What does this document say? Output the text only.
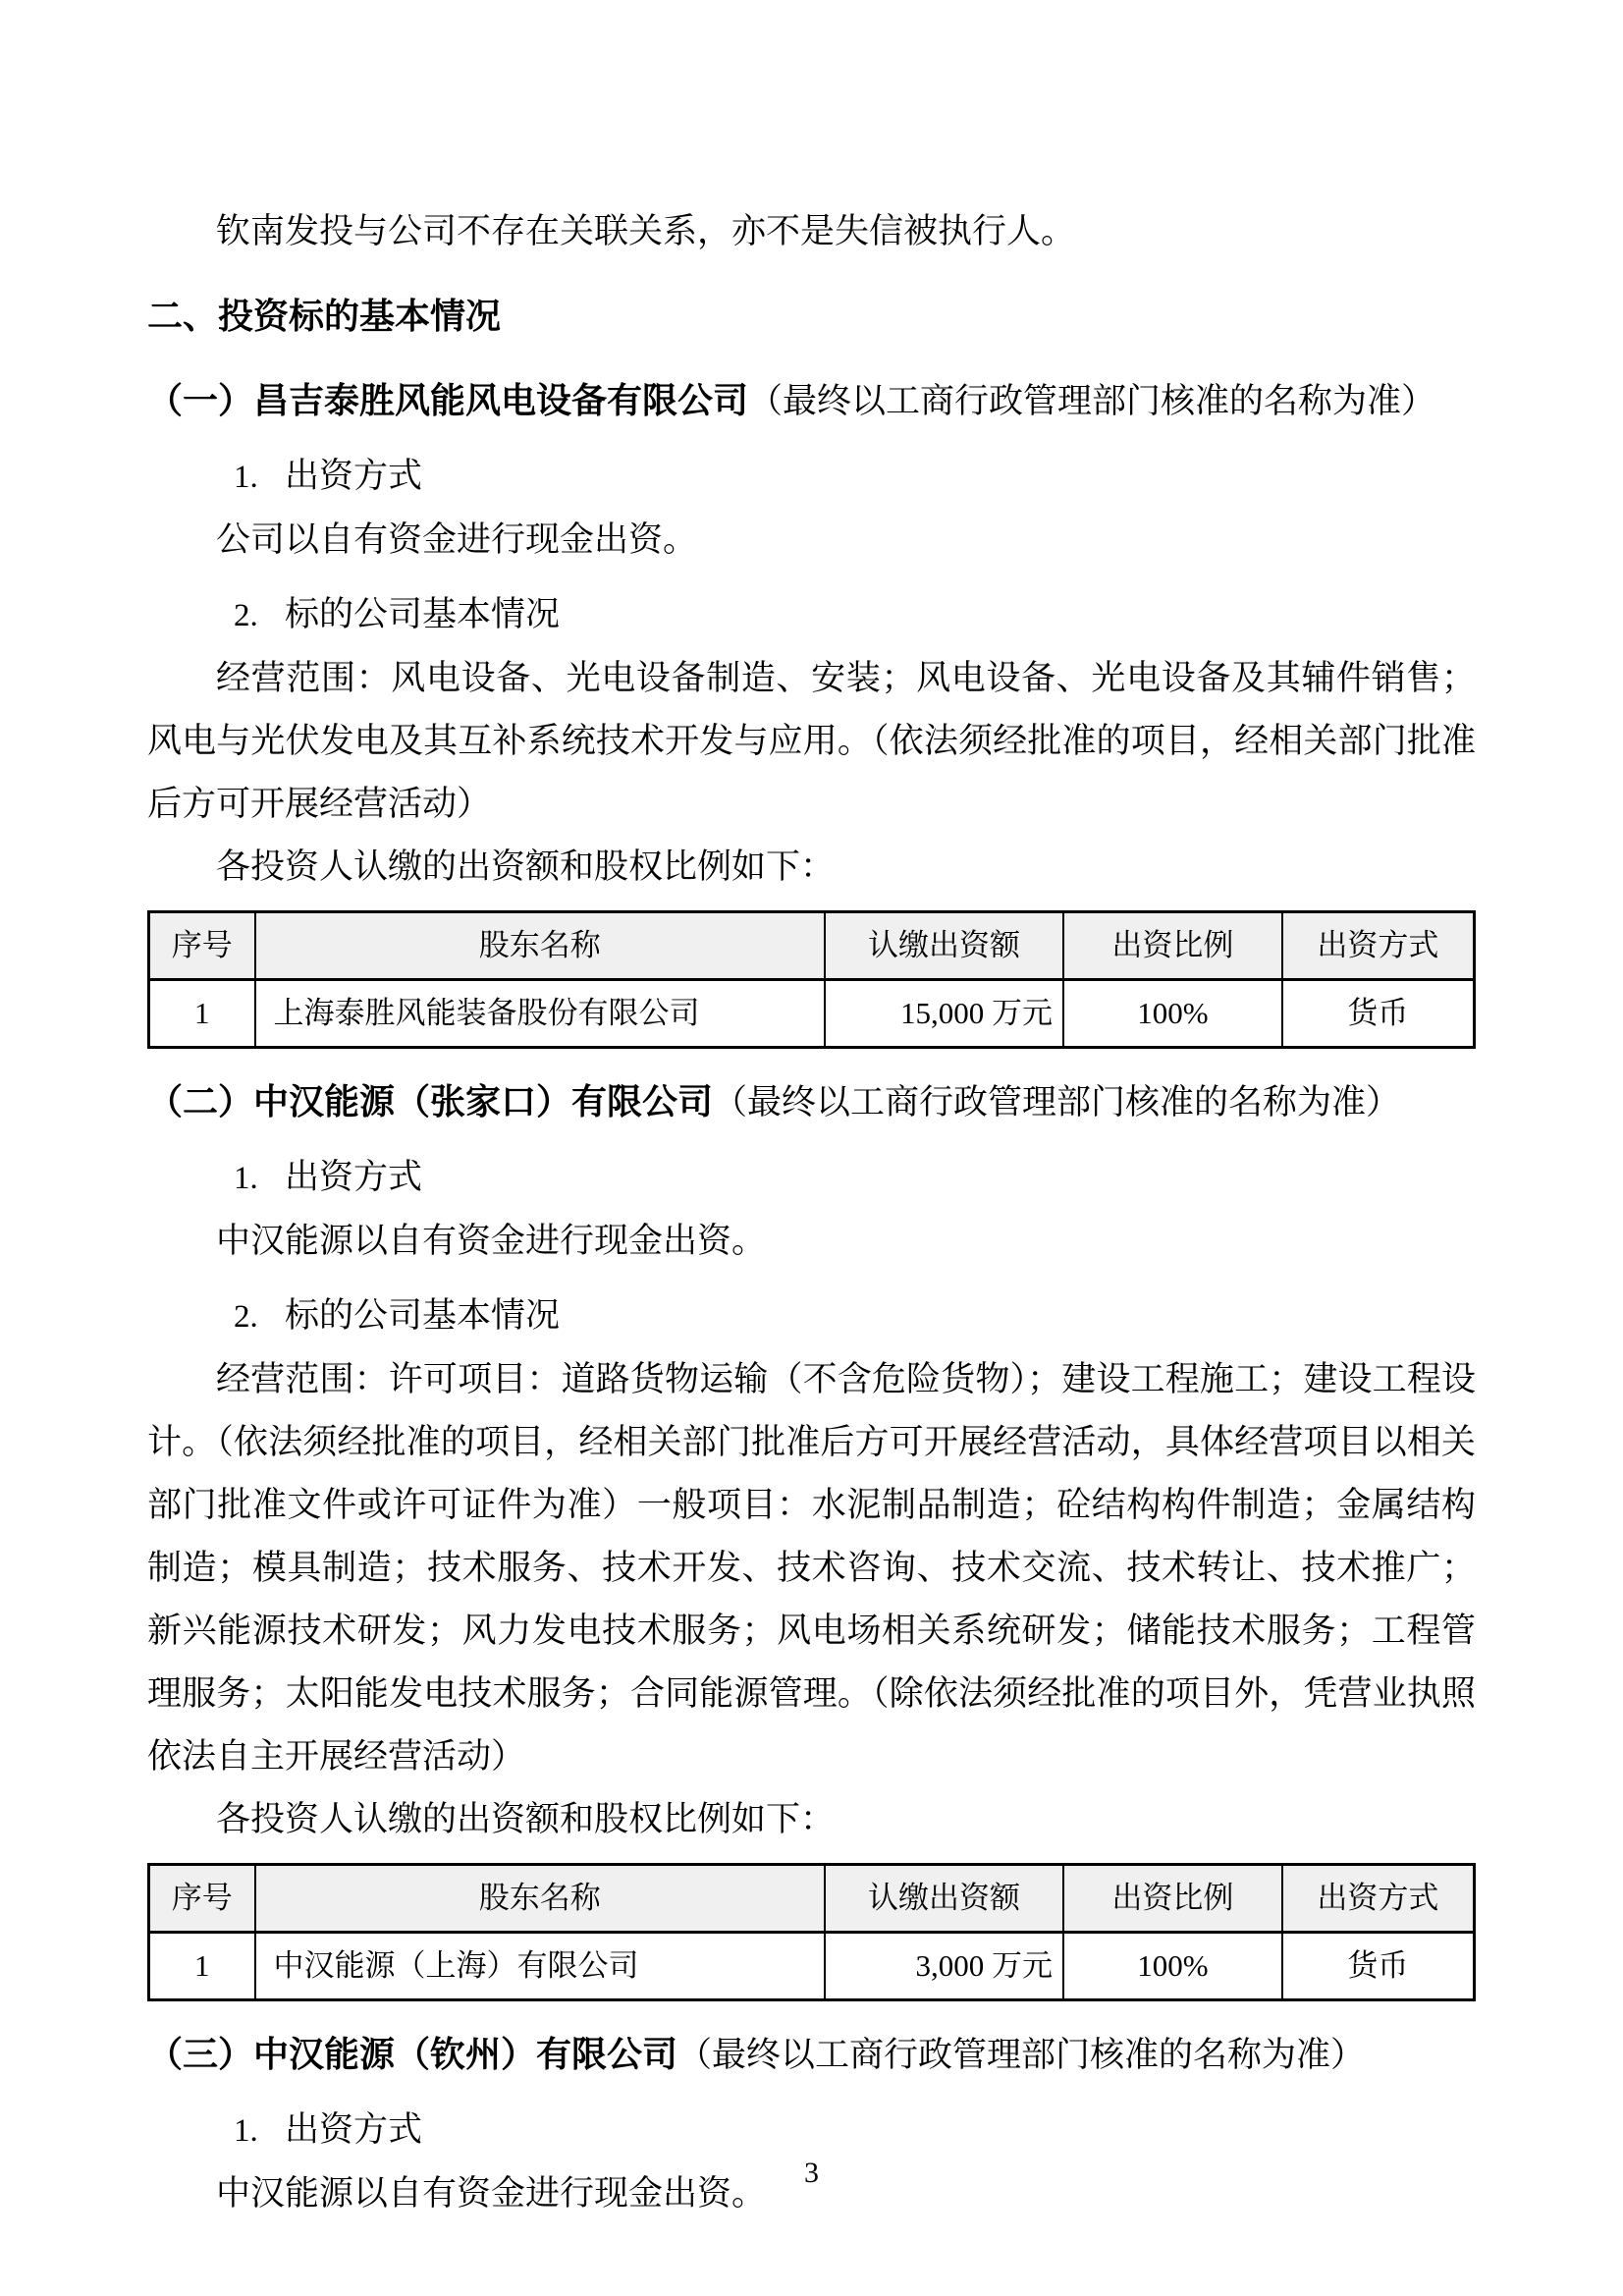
钦南发投与公司不存在关联关系，亦不是失信被执行人。

二、投资标的基本情况

（一）昌吉泰胜风能风电设备有限公司（最终以工商行政管理部门核准的名称为准）

1. 出资方式

公司以自有资金进行现金出资。

2. 标的公司基本情况

经营范围：风电设备、光电设备制造、安装；风电设备、光电设备及其辅件销售；风电与光伏发电及其互补系统技术开发与应用。（依法须经批准的项目，经相关部门批准后方可开展经营活动）

各投资人认缴的出资额和股权比例如下：

序号	股东名称	认缴出资额	出资比例	出资方式
1	上海泰胜风能装备股份有限公司	15,000 万元	100%	货币

（二）中汉能源（张家口）有限公司（最终以工商行政管理部门核准的名称为准）

1. 出资方式

中汉能源以自有资金进行现金出资。

2. 标的公司基本情况

经营范围：许可项目：道路货物运输（不含危险货物）；建设工程施工；建设工程设计。（依法须经批准的项目，经相关部门批准后方可开展经营活动，具体经营项目以相关部门批准文件或许可证件为准）一般项目：水泥制品制造；砼结构构件制造；金属结构制造；模具制造；技术服务、技术开发、技术咨询、技术交流、技术转让、技术推广；新兴能源技术研发；风力发电技术服务；风电场相关系统研发；储能技术服务；工程管理服务；太阳能发电技术服务；合同能源管理。（除依法须经批准的项目外，凭营业执照依法自主开展经营活动）

各投资人认缴的出资额和股权比例如下：

序号	股东名称	认缴出资额	出资比例	出资方式
1	中汉能源（上海）有限公司	3,000 万元	100%	货币

（三）中汉能源（钦州）有限公司（最终以工商行政管理部门核准的名称为准）

1. 出资方式

中汉能源以自有资金进行现金出资。

3
